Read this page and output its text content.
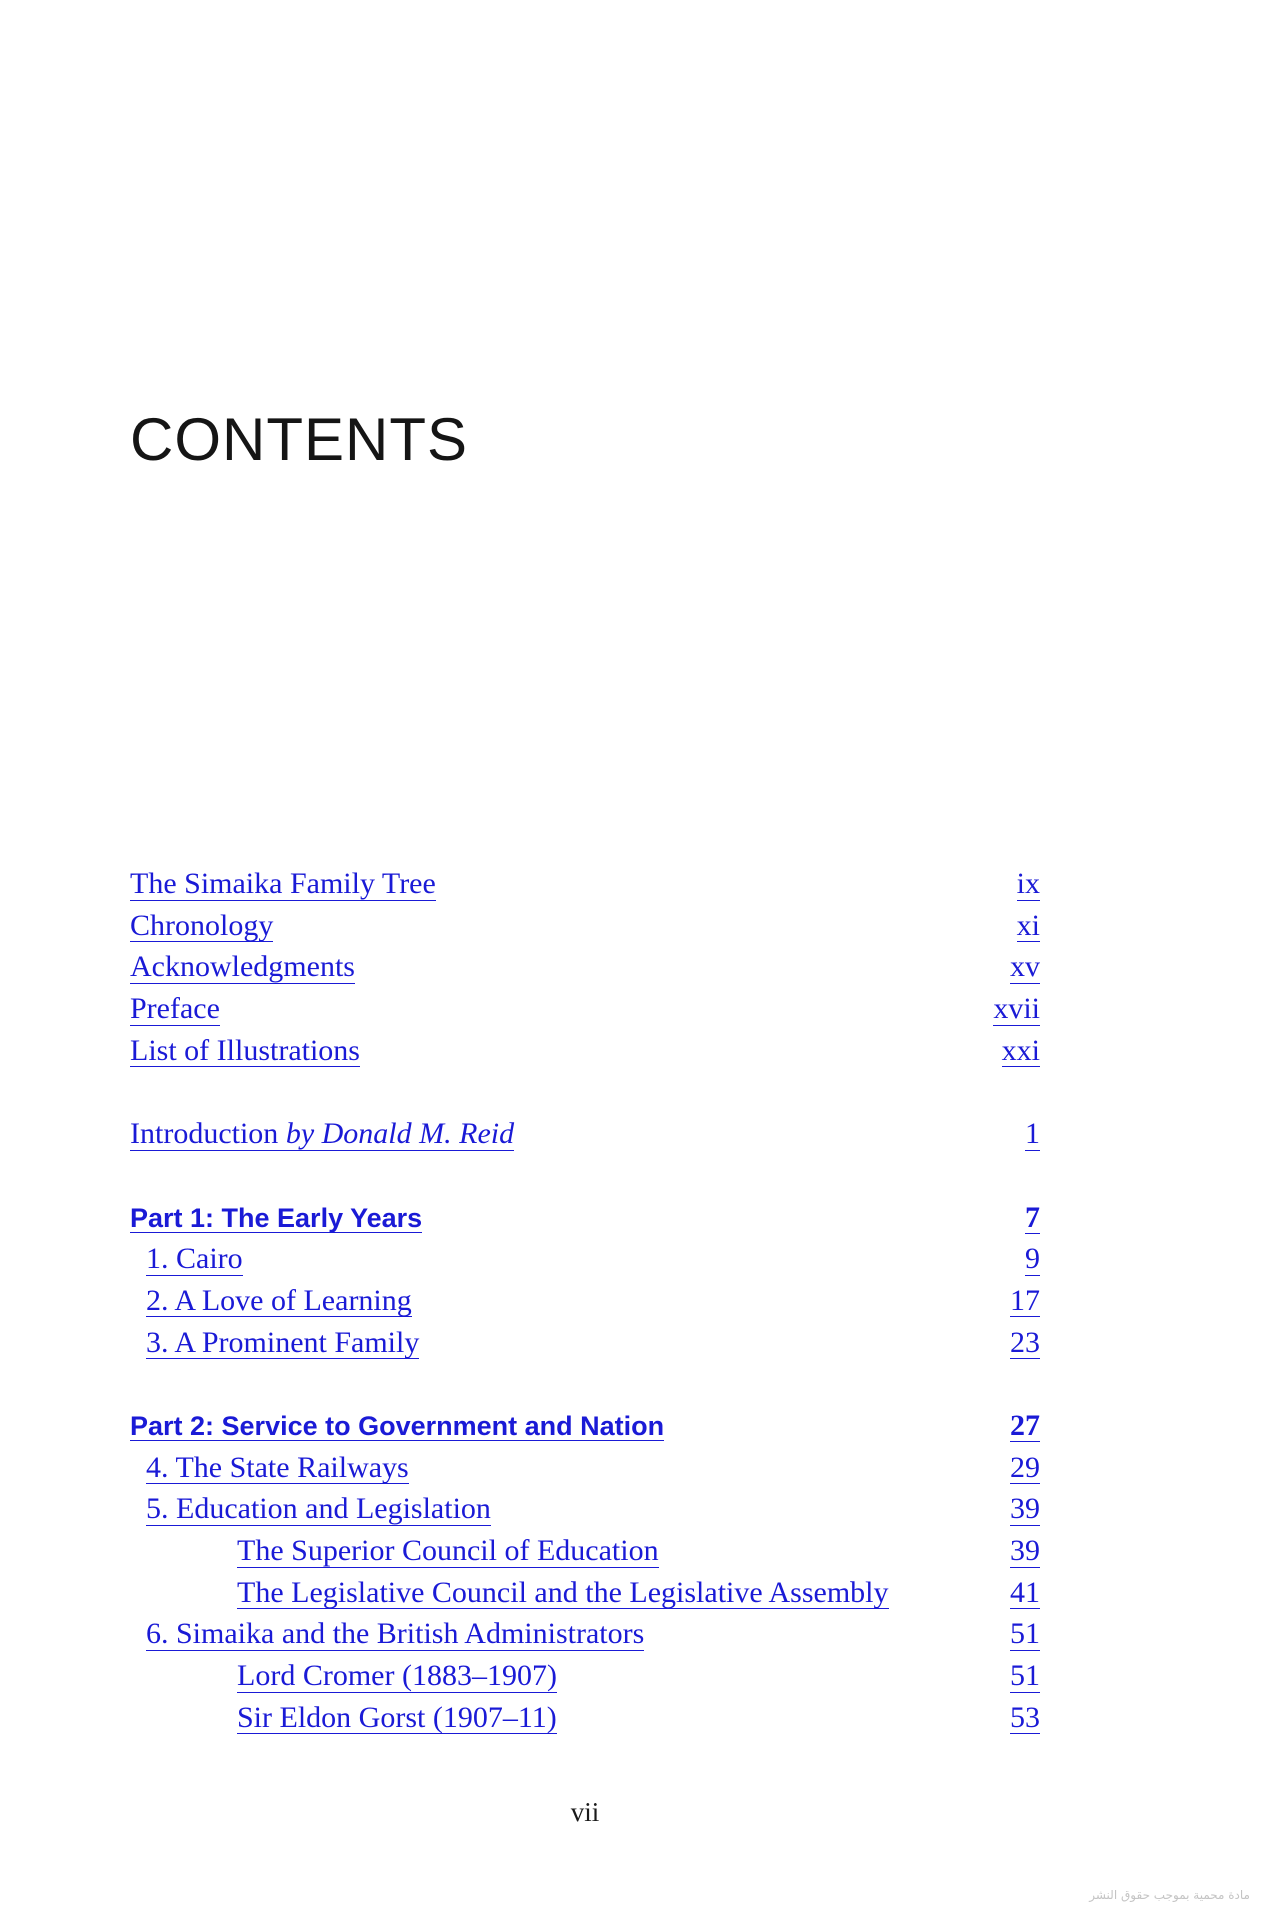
CONTENTS
The Simaika Family Tree	ix
Chronology	xi
Acknowledgments	xv
Preface	xvii
List of Illustrations	xxi
Introduction by Donald M. Reid	1
Part 1: The Early Years	7
1. Cairo	9
2. A Love of Learning	17
3. A Prominent Family	23
Part 2: Service to Government and Nation	27
4. The State Railways	29
5. Education and Legislation	39
The Superior Council of Education	39
The Legislative Council and the Legislative Assembly	41
6. Simaika and the British Administrators	51
Lord Cromer (1883–1907)	51
Sir Eldon Gorst (1907–11)	53
vii
مادة محمية بموجب حقوق النشر
